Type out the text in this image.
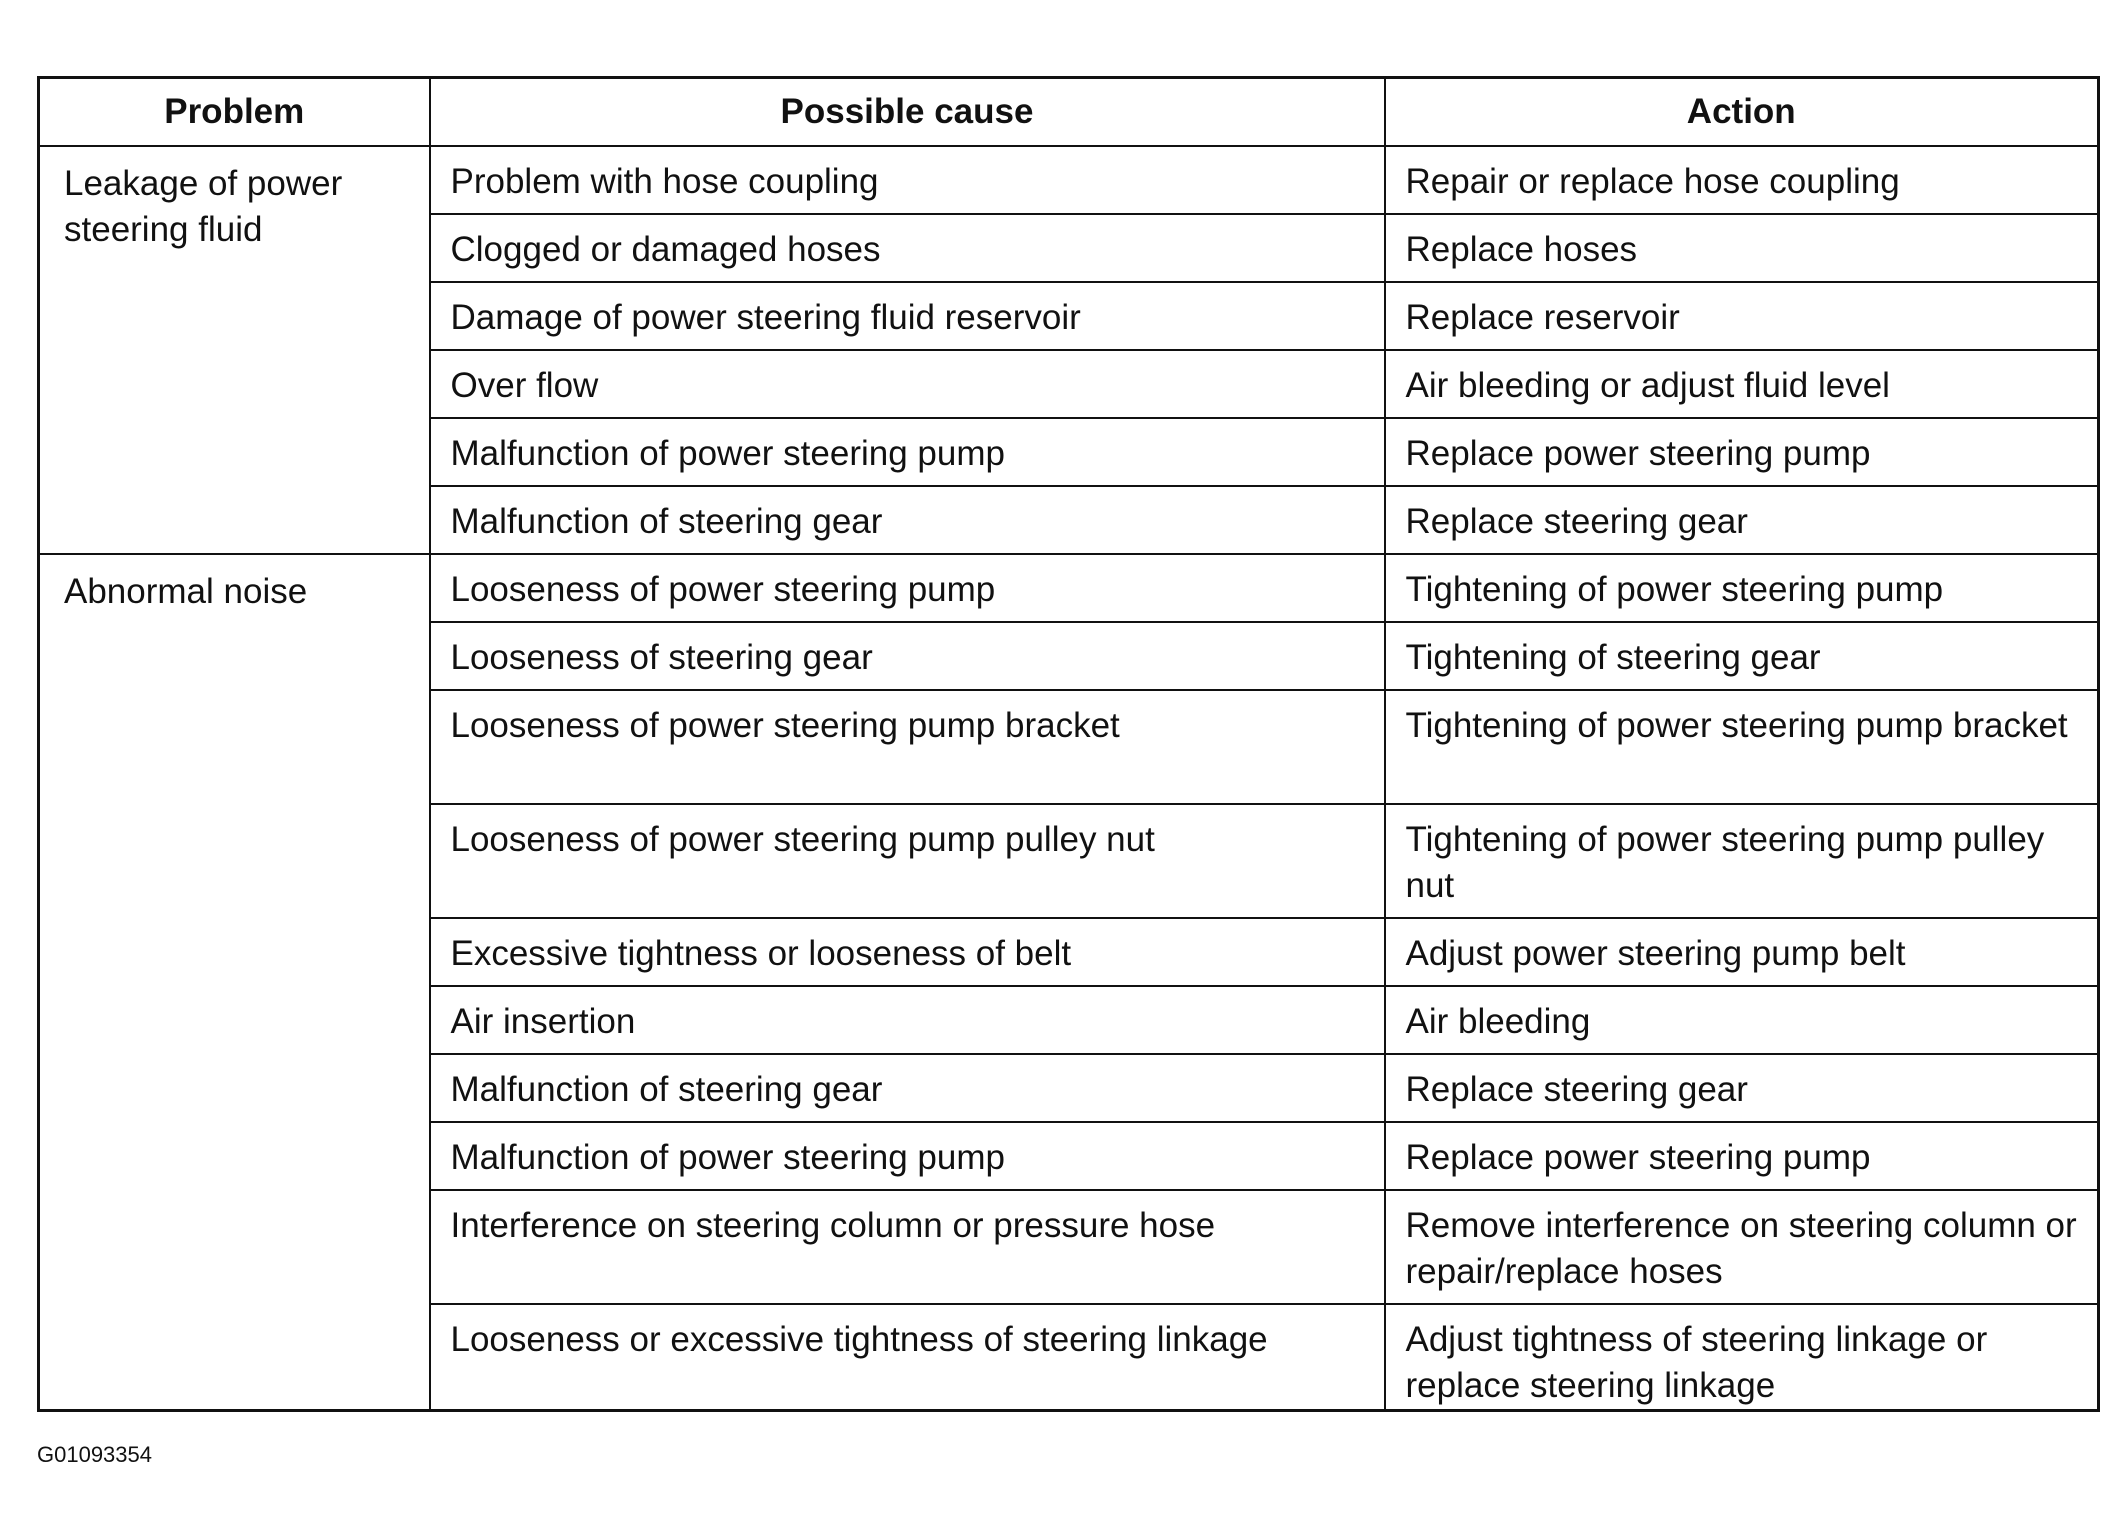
Problem	Possible cause	Action
Leakage of power steering fluid	Problem with hose coupling	Repair or replace hose coupling
	Clogged or damaged hoses	Replace hoses
	Damage of power steering fluid reservoir	Replace reservoir
	Over flow	Air bleeding or adjust fluid level
	Malfunction of power steering pump	Replace power steering pump
	Malfunction of steering gear	Replace steering gear
Abnormal noise	Looseness of power steering pump	Tightening of power steering pump
	Looseness of steering gear	Tightening of steering gear
	Looseness of power steering pump bracket	Tightening of power steering pump bracket
	Looseness of power steering pump pulley nut	Tightening of power steering pump pulley nut
	Excessive tightness or looseness of belt	Adjust power steering pump belt
	Air insertion	Air bleeding
	Malfunction of steering gear	Replace steering gear
	Malfunction of power steering pump	Replace power steering pump
	Interference on steering column or pressure hose	Remove interference on steering column or repair/replace hoses
	Looseness or excessive tightness of steering linkage	Adjust tightness of steering linkage or replace steering linkage
G01093354
